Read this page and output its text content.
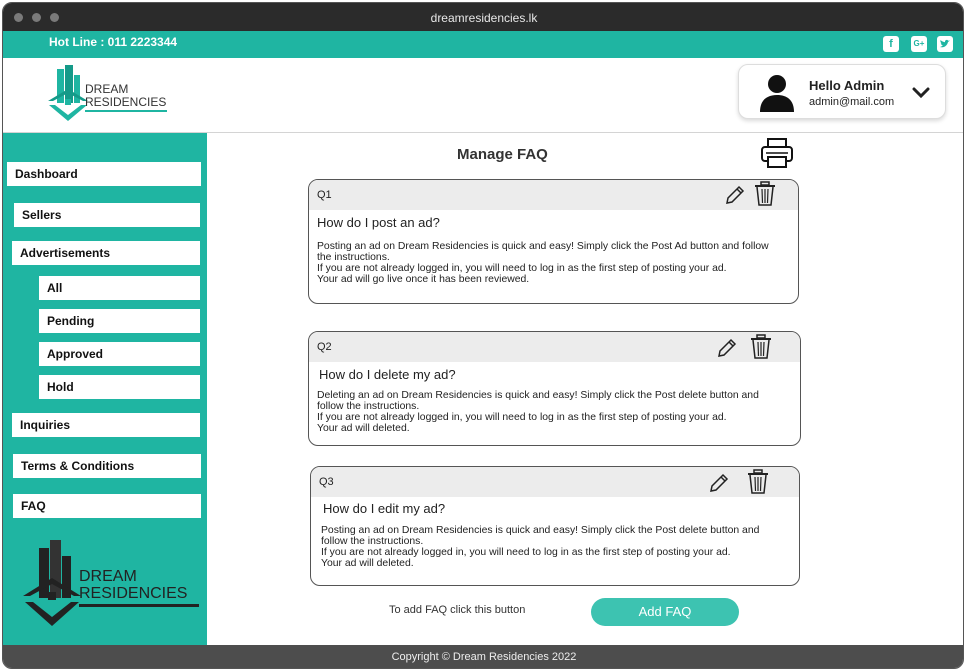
dreamresidencies.lk
Hot Line : 011 2223344	f	G+
DREAM
RESIDENCIES
Hello Admin
admin@mail.com
Dashboard
Sellers
Advertisements
All
Pending
Approved
Hold
Inquiries
Terms & Conditions
FAQ
DREAM
RESIDENCIES
Manage FAQ
Q1
How do I post an ad?
Posting an ad on Dream Residencies is quick and easy! Simply click the Post Ad button and follow the instructions.
If you are not already logged in, you will need to log in as the first step of posting your ad.
Your ad will go live once it has been reviewed.
Q2
How do I delete my ad?
Deleting an ad on Dream Residencies is quick and easy! Simply click the Post delete button and follow the instructions.
If you are not already logged in, you will need to log in as the first step of posting your ad.
Your ad will deleted.
Q3
How do I edit my ad?
Posting an ad on Dream Residencies is quick and easy! Simply click the Post delete button and follow the instructions.
If you are not already logged in, you will need to log in as the first step of posting your ad.
Your ad will deleted.
To add FAQ click this button	Add FAQ
Copyright © Dream Residencies 2022
